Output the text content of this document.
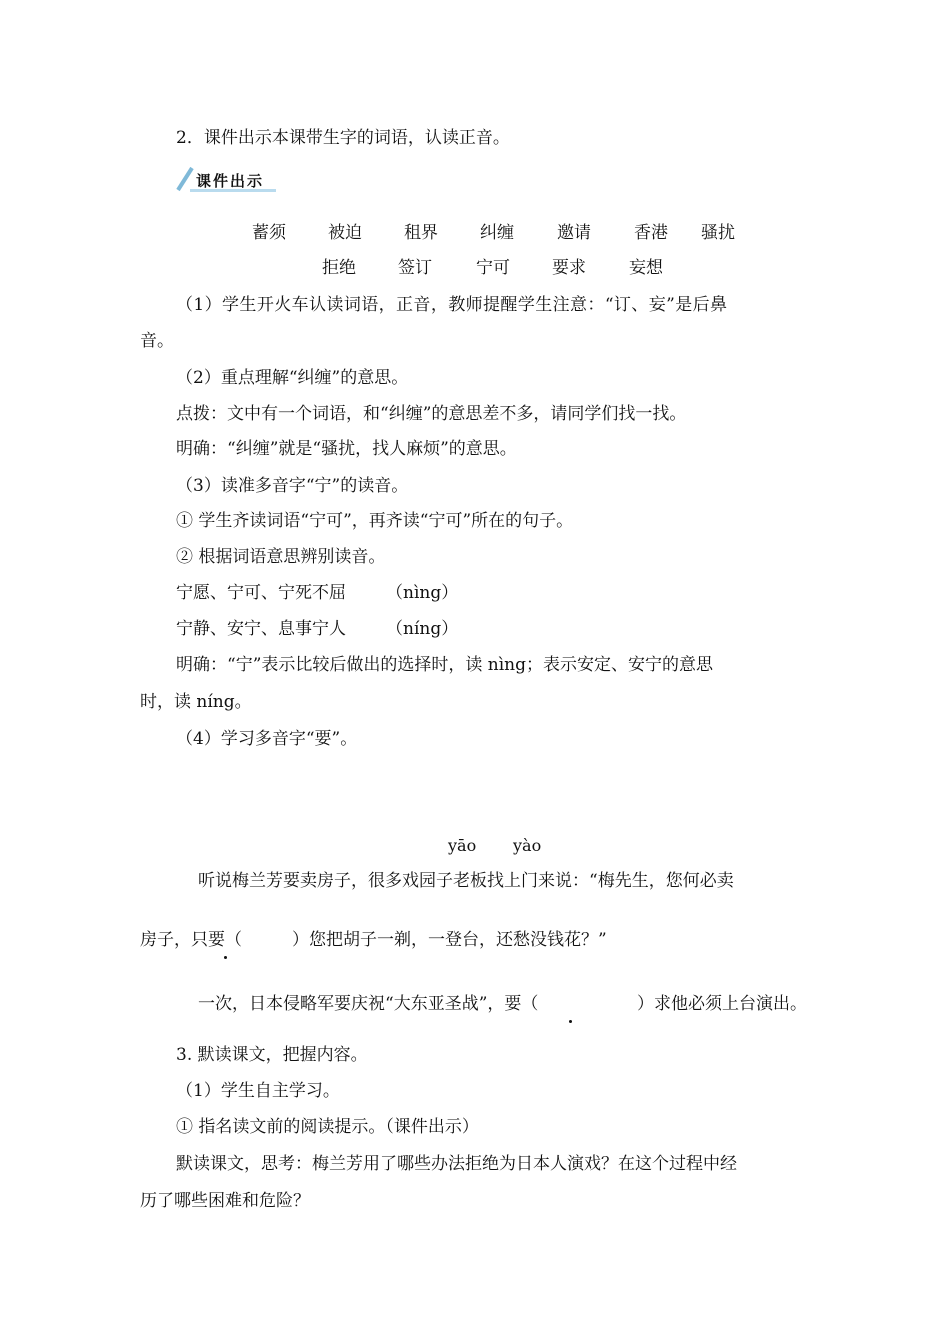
2．课件出示本课带生字的词语，认读正音。
课件出示
蓄须 被迫 租界 纠缠	邀请	香港 骚扰
拒绝 签订	宁可 要求	妄想
（1）学生开火车认读词语，正音，教师提醒学生注意：“订、妄”是后鼻
音。
（2）重点理解“纠缠”的意思。
点拨：文中有一个词语，和“纠缠”的意思差不多，请同学们找一找。
明确：“纠缠”就是“骚扰，找人麻烦”的意思。
（3）读准多音字“宁”的读音。
① 学生齐读词语“宁可”，再齐读“宁可”所在的句子。
② 根据词语意思辨别读音。
宁愿、宁可、宁死不屈 （nìng）
宁静、安宁、息事宁人 （níng）
明确：“宁”表示比较后做出的选择时，读 nìng；表示安定、安宁的意思
时，读 níng。
（4）学习多音字“要”。
yāo yào
听说梅兰芳要卖房子，很多戏园子老板找上门来说：“梅先生，您何必卖
房子，只要（	）您把胡子一剃，一登台，还愁没钱花？”
一次，日本侵略军要庆祝“大东亚圣战”，要（	）求他必须上台演出。
3. 默读课文，把握内容。
（1）学生自主学习。
① 指名读文前的阅读提示。（课件出示）
默读课文，思考：梅兰芳用了哪些办法拒绝为日本人演戏？在这个过程中经
历了哪些困难和危险？
